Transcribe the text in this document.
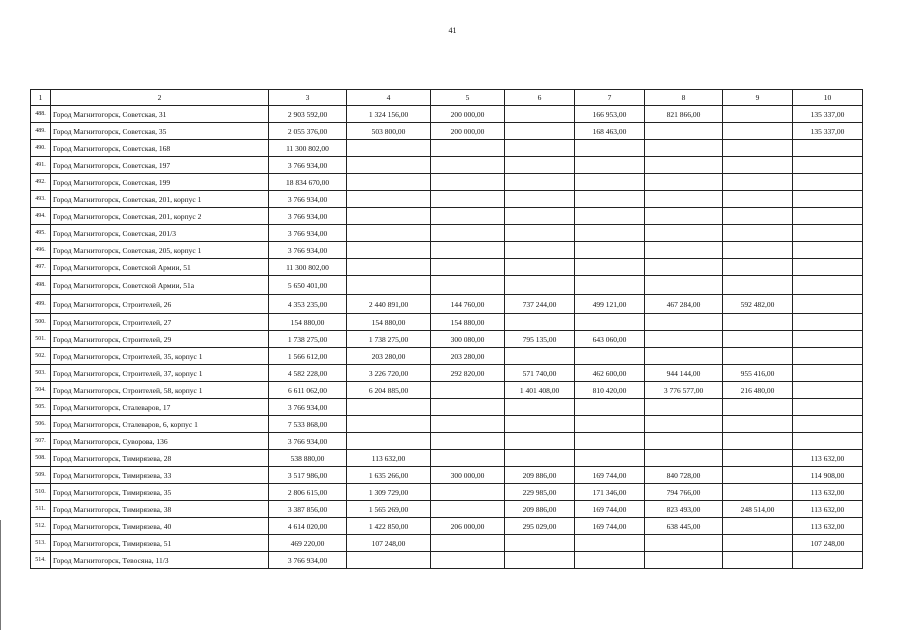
41
1	2	3	4	5	6	7	8	9	10
488.	Город Магнитогорск, Советская, 31	2 903 592,00	1 324 156,00	200 000,00		166 953,00	821 866,00		135 337,00
489.	Город Магнитогорск, Советская, 35	2 055 376,00	503 800,00	200 000,00		168 463,00			135 337,00
490.	Город Магнитогорск, Советская, 168	11 300 802,00							
491.	Город Магнитогорск, Советская, 197	3 766 934,00							
492.	Город Магнитогорск, Советская, 199	18 834 670,00							
493.	Город Магнитогорск, Советская, 201, корпус 1	3 766 934,00							
494.	Город Магнитогорск, Советская, 201, корпус 2	3 766 934,00							
495.	Город Магнитогорск, Советская, 201/3	3 766 934,00							
496.	Город Магнитогорск, Советская, 205, корпус 1	3 766 934,00							
497.	Город Магнитогорск, Советской Армии, 51	11 300 802,00							
498.	Город Магнитогорск, Советской Армии, 51а	5 650 401,00							
499.	Город Магнитогорск, Строителей, 26	4 353 235,00	2 440 891,00	144 760,00	737 244,00	499 121,00	467 284,00	592 482,00	
500.	Город Магнитогорск, Строителей, 27	154 880,00	154 880,00	154 880,00					
501.	Город Магнитогорск, Строителей, 29	1 738 275,00	1 738 275,00	300 080,00	795 135,00	643 060,00			
502.	Город Магнитогорск, Строителей, 35, корпус 1	1 566 612,00	203 280,00	203 280,00					
503.	Город Магнитогорск, Строителей, 37, корпус 1	4 582 228,00	3 226 720,00	292 820,00	571 740,00	462 600,00	944 144,00	955 416,00	
504.	Город Магнитогорск, Строителей, 58, корпус 1	6 611 062,00	6 204 885,00		1 401 408,00	810 420,00	3 776 577,00	216 480,00	
505.	Город Магнитогорск, Сталеваров, 17	3 766 934,00							
506.	Город Магнитогорск, Сталеваров, 6, корпус 1	7 533 868,00							
507.	Город Магнитогорск, Суворова, 136	3 766 934,00							
508.	Город Магнитогорск, Тимирязева, 28	538 880,00	113 632,00						113 632,00
509.	Город Магнитогорск, Тимирязева, 33	3 517 986,00	1 635 266,00	300 000,00	209 886,00	169 744,00	840 728,00		114 908,00
510.	Город Магнитогорск, Тимирязева, 35	2 806 615,00	1 309 729,00		229 985,00	171 346,00	794 766,00		113 632,00
511.	Город Магнитогорск, Тимирязева, 38	3 387 856,00	1 565 269,00		209 886,00	169 744,00	823 493,00	248 514,00	113 632,00
512.	Город Магнитогорск, Тимирязева, 40	4 614 020,00	1 422 850,00	206 000,00	295 029,00	169 744,00	638 445,00		113 632,00
513.	Город Магнитогорск, Тимирязева, 51	469 220,00	107 248,00						107 248,00
514.	Город Магнитогорск, Тевосяна, 11/3	3 766 934,00							
